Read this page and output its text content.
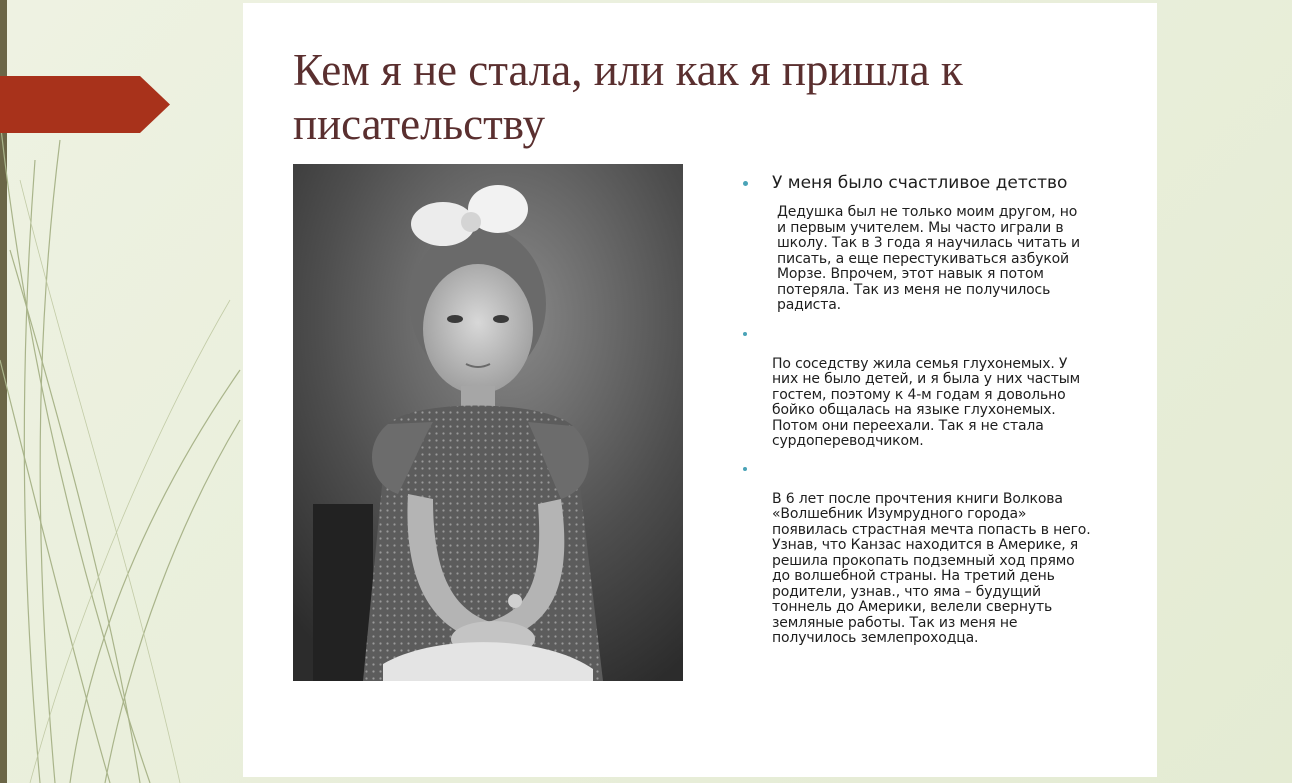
Кем я не стала, или как я пришла к писательству
У меня было счастливое детство
Дедушка был не только моим другом, но
и первым учителем. Мы часто играли в
школу. Так в 3 года я научилась читать и
писать, а еще перестукиваться азбукой
Морзе. Впрочем, этот навык я потом
потеряла. Так из меня не получилось
радиста.

По соседству жила семья глухонемых. У
них не было детей, и я была у них частым
гостем, поэтому к 4-м годам я довольно
бойко общалась на языке глухонемых.
Потом они переехали. Так я не стала
сурдопереводчиком.

В 6 лет после прочтения книги Волкова
«Волшебник Изумрудного города»
появилась страстная мечта попасть в него.
Узнав, что Канзас находится в Америке, я
решила прокопать подземный ход прямо
до волшебной страны. На третий день
родители, узнав., что яма – будущий
тоннель до Америки, велели свернуть
земляные работы. Так из меня не
получилось землепроходца.
